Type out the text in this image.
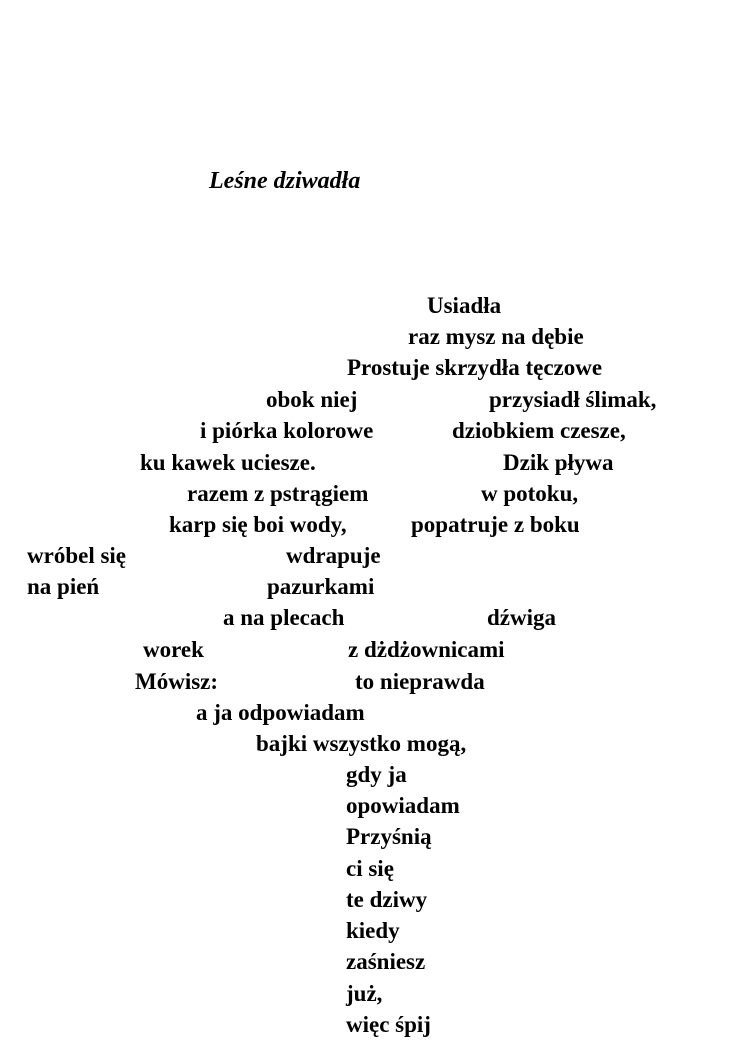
Leśne dziwadła
Usiadła
raz mysz na dębie
Prostuje skrzydła tęczowe
obok niej	przysiadł ślimak,
i piórka kolorowe	dziobkiem czesze,
ku kawek uciesze.	Dzik pływa
razem z pstrągiem	w potoku,
karp się boi wody,	popatruje z boku
wróbel się	wdrapuje
na pień	pazurkami
a na plecach	dźwiga
worek	z dżdżownicami
Mówisz:	to nieprawda
a ja odpowiadam
bajki wszystko mogą,
gdy ja
opowiadam
Przyśnią
ci się
te dziwy
kiedy
zaśniesz
już,
więc śpij
